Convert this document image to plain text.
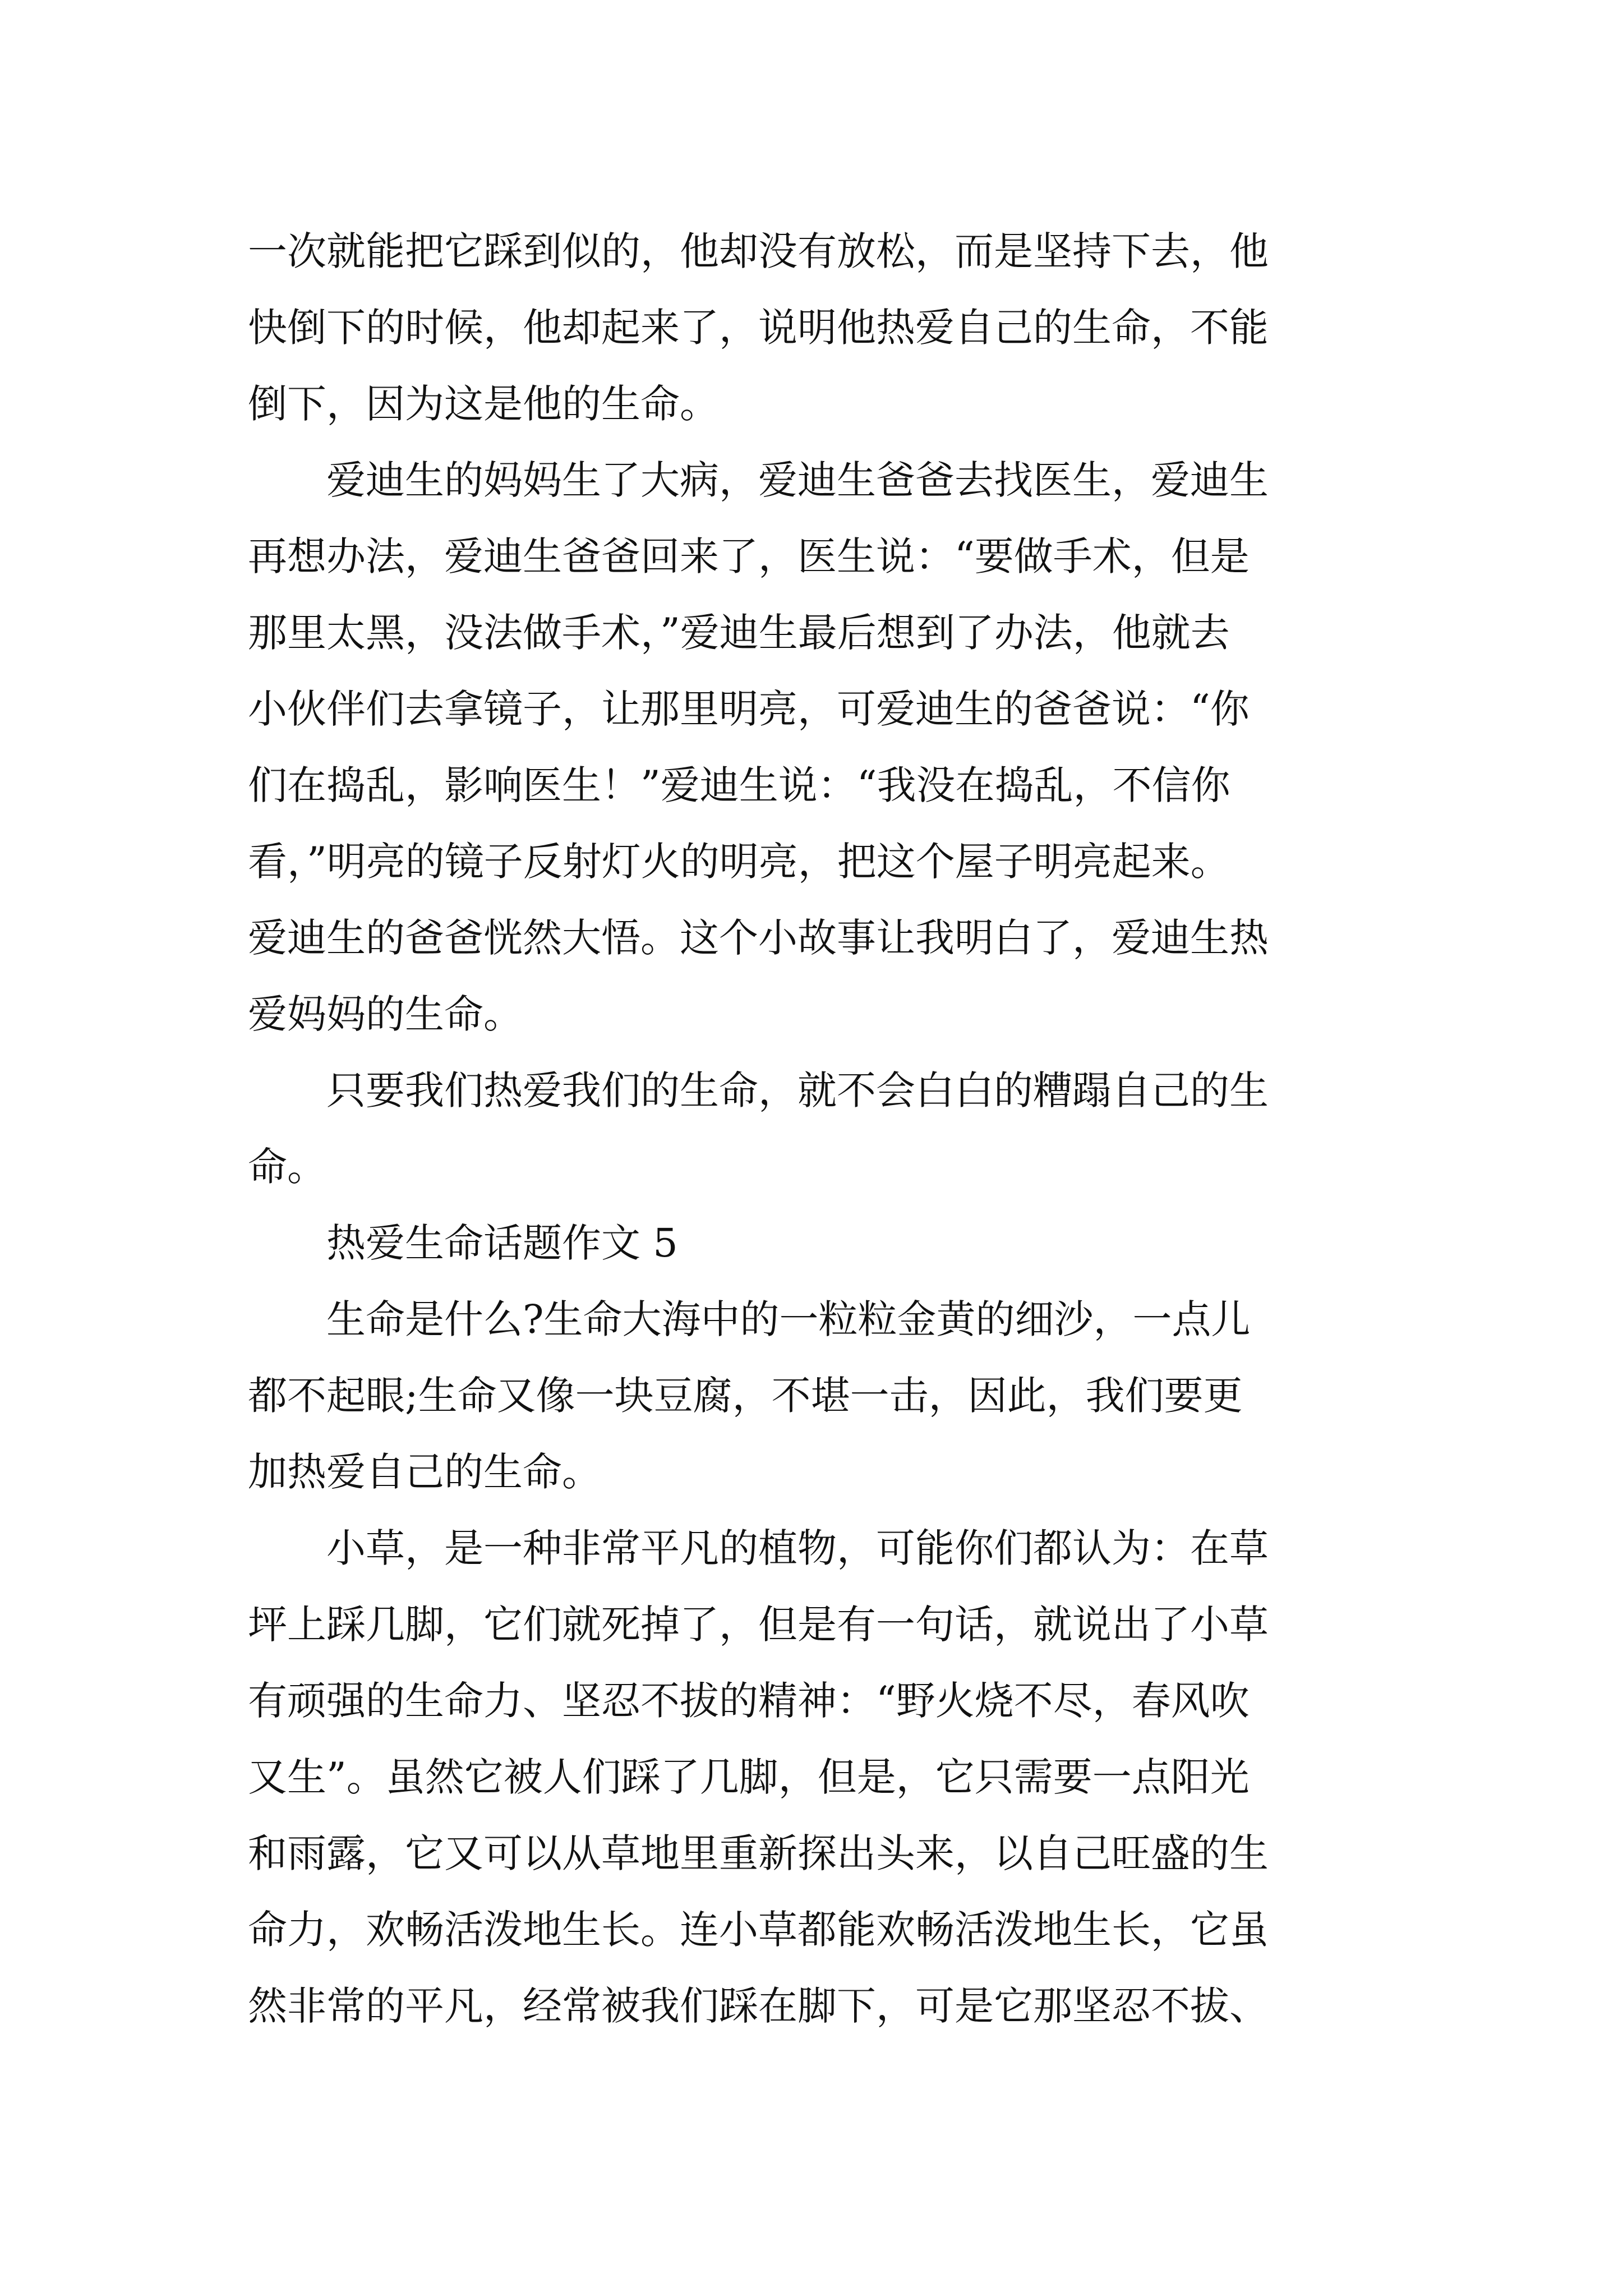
一次就能把它踩到似的，他却没有放松，而是坚持下去，他
快倒下的时候，他却起来了，说明他热爱自己的生命，不能
倒下，因为这是他的生命。
　　爱迪生的妈妈生了大病，爱迪生爸爸去找医生，爱迪生
再想办法，爱迪生爸爸回来了，医生说：“要做手术，但是
那里太黑，没法做手术，”爱迪生最后想到了办法，他就去
小伙伴们去拿镜子，让那里明亮，可爱迪生的爸爸说：“你
们在捣乱，影响医生！”爱迪生说：“我没在捣乱，不信你
看，”明亮的镜子反射灯火的明亮，把这个屋子明亮起来。
爱迪生的爸爸恍然大悟。这个小故事让我明白了，爱迪生热
爱妈妈的生命。
　　只要我们热爱我们的生命，就不会白白的糟蹋自己的生
命。
　　热爱生命话题作文 5
　　生命是什么?生命大海中的一粒粒金黄的细沙，一点儿
都不起眼;生命又像一块豆腐，不堪一击，因此，我们要更
加热爱自己的生命。
　　小草，是一种非常平凡的植物，可能你们都认为：在草
坪上踩几脚，它们就死掉了，但是有一句话，就说出了小草
有顽强的生命力、坚忍不拔的精神：“野火烧不尽，春风吹
又生”。虽然它被人们踩了几脚，但是，它只需要一点阳光
和雨露，它又可以从草地里重新探出头来，以自己旺盛的生
命力，欢畅活泼地生长。连小草都能欢畅活泼地生长，它虽
然非常的平凡，经常被我们踩在脚下，可是它那坚忍不拔、
